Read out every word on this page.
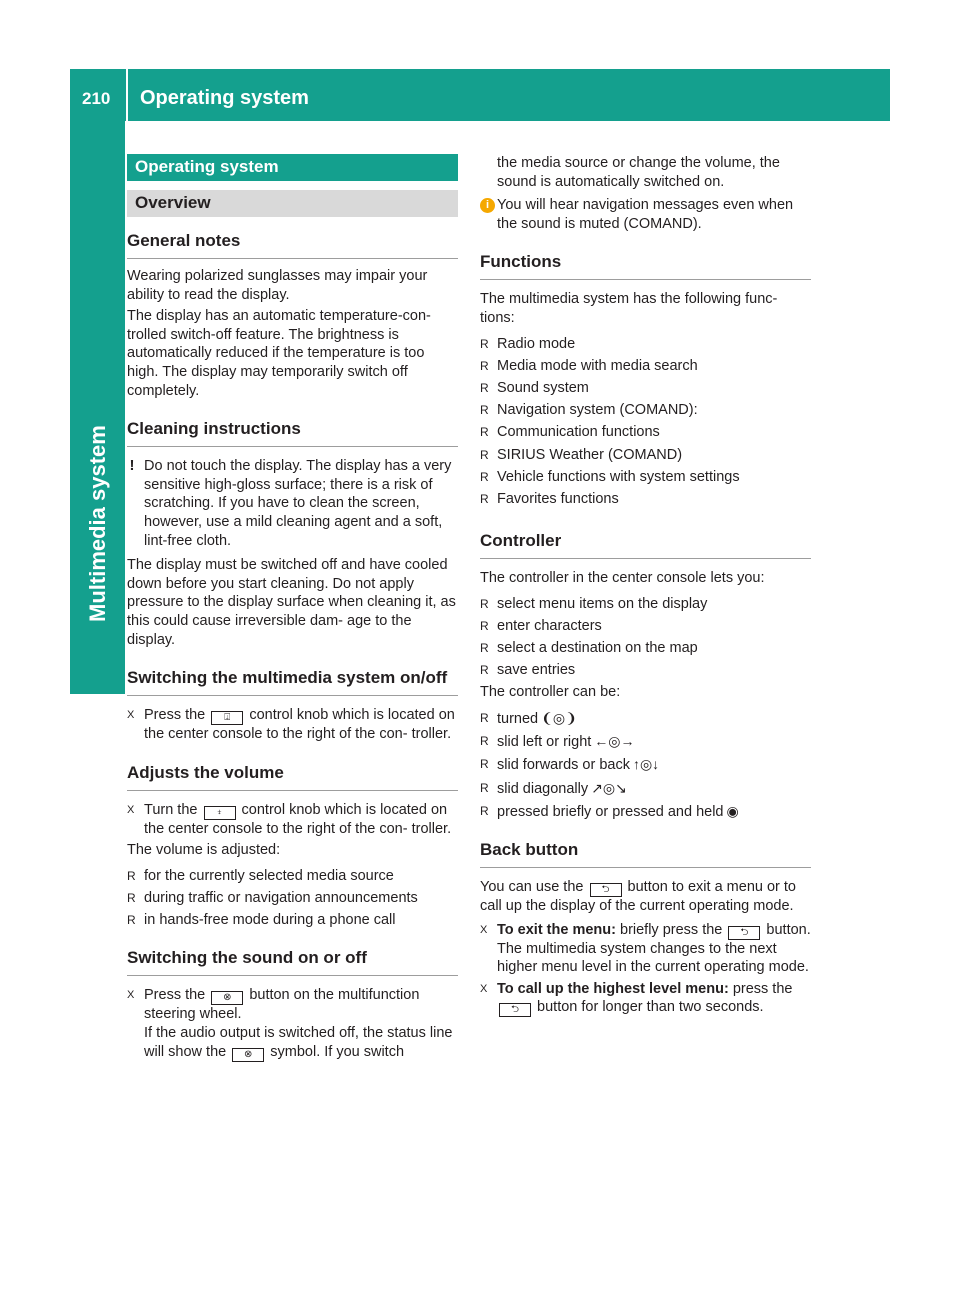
210 Operating system
Multimedia system
Operating system
Overview
General notes

Wearing polarized sunglasses may impair your ability to read the display.

The display has an automatic temperature-con- trolled switch-off feature. The brightness is automatically reduced if the temperature is too high. The display may temporarily switch off completely.

Cleaning instructions
! Do not touch the display. The display has a very sensitive high-gloss surface; there is a risk of scratching. If you have to clean the screen, however, use a mild cleaning agent and a soft, lint-free cloth.

The display must be switched off and have cooled down before you start cleaning. Do not apply pressure to the display surface when cleaning it, as this could cause irreversible dam- age to the display.

Switching the multimedia system on/off
X Press the ⍗ control knob which is located on the center console to the right of the con- troller.
Adjusts the volume
X Turn the ⍖ control knob which is located on the center console to the right of the con- troller.

The volume is adjusted:

R for the currently selected media source
R during traffic or navigation announcements
R in hands-free mode during a phone call
Switching the sound on or off
X Press the ⊗ button on the multifunction steering wheel.
If the audio output is switched off, the status line will show the ⊗ symbol. If you switch

the media source or change the volume, the sound is automatically switched on.

i You will hear navigation messages even when the sound is muted (COMAND).
Functions

The multimedia system has the following func- tions:

R Radio mode
R Media mode with media search
R Sound system
R Navigation system (COMAND):
R Communication functions
R SIRIUS Weather (COMAND)
R Vehicle functions with system settings
R Favorites functions
Controller

The controller in the center console lets you:

R select menu items on the display
R enter characters
R select a destination on the map
R save entries

The controller can be:

R turned ❨◎❩
R slid left or right ←◎→
R slid forwards or back ↑◎↓
R slid diagonally ↗◎↘
R pressed briefly or pressed and held ◉
Back button

You can use the ⮌ button to exit a menu or to call up the display of the current operating mode.

X To exit the menu: briefly press the ⮌ button.
The multimedia system changes to the next higher menu level in the current operating mode.
X To call up the highest level menu: press the ⮌ button for longer than two seconds.
